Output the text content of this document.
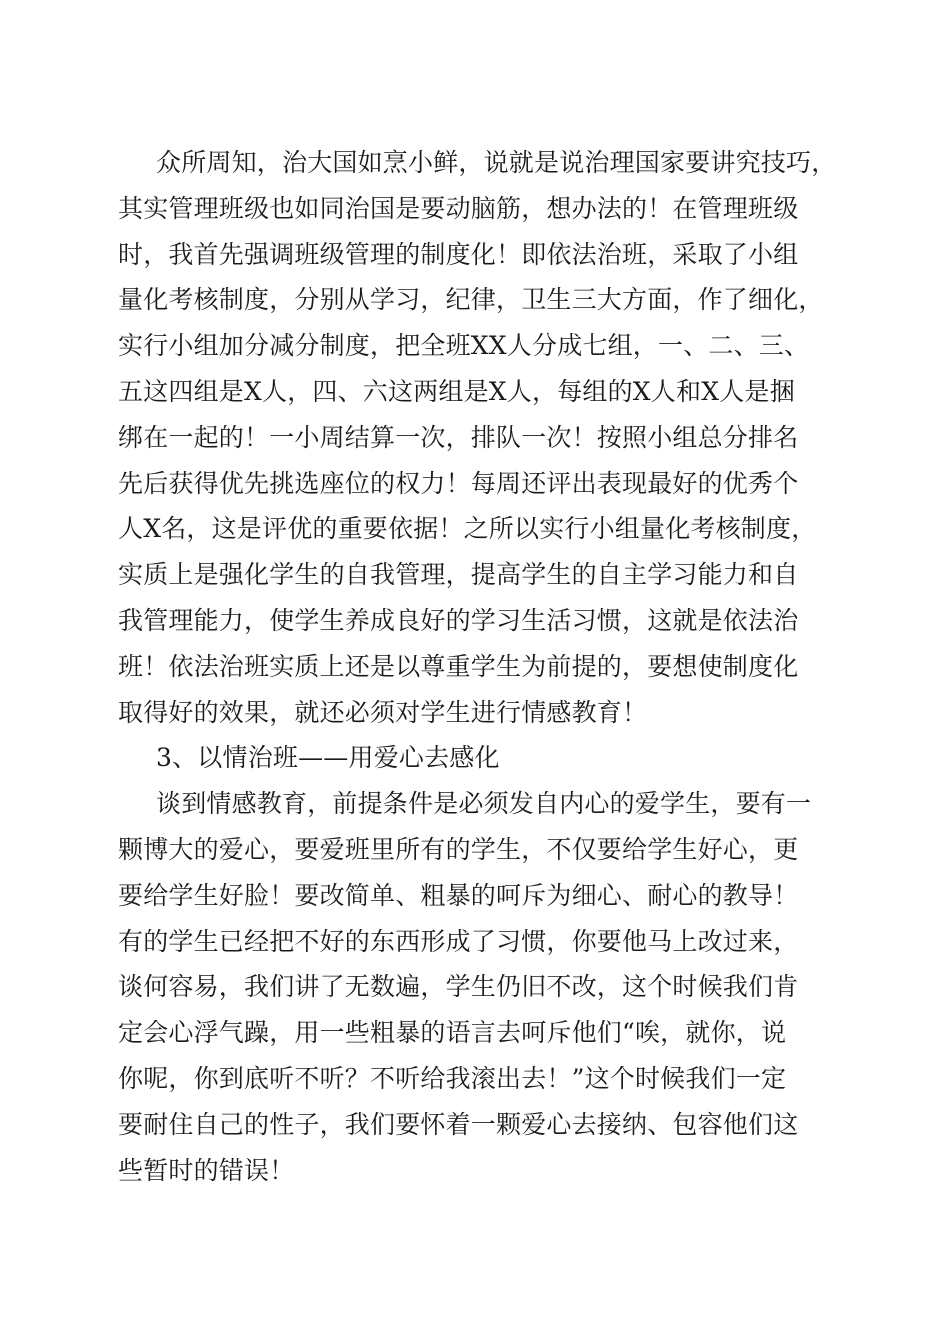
众所周知，治大国如烹小鲜，说就是说治理国家要讲究技巧，
其实管理班级也如同治国是要动脑筋，想办法的！在管理班级
时，我首先强调班级管理的制度化！即依法治班，采取了小组
量化考核制度，分别从学习，纪律，卫生三大方面，作了细化，
实行小组加分减分制度，把全班XX人分成七组，一、二、三、
五这四组是X人，四、六这两组是X人，每组的X人和X人是捆
绑在一起的！一小周结算一次，排队一次！按照小组总分排名
先后获得优先挑选座位的权力！每周还评出表现最好的优秀个
人X名，这是评优的重要依据！之所以实行小组量化考核制度，
实质上是强化学生的自我管理，提高学生的自主学习能力和自
我管理能力，使学生养成良好的学习生活习惯，这就是依法治
班！依法治班实质上还是以尊重学生为前提的，要想使制度化
取得好的效果，就还必须对学生进行情感教育！
3、以情治班——用爱心去感化
谈到情感教育，前提条件是必须发自内心的爱学生，要有一
颗博大的爱心，要爱班里所有的学生，不仅要给学生好心，更
要给学生好脸！要改简单、粗暴的呵斥为细心、耐心的教导！
有的学生已经把不好的东西形成了习惯，你要他马上改过来，
谈何容易，我们讲了无数遍，学生仍旧不改，这个时候我们肯
定会心浮气躁，用一些粗暴的语言去呵斥他们“唉，就你，说
你呢，你到底听不听？不听给我滚出去！”这个时候我们一定
要耐住自己的性子，我们要怀着一颗爱心去接纳、包容他们这
些暂时的错误！
